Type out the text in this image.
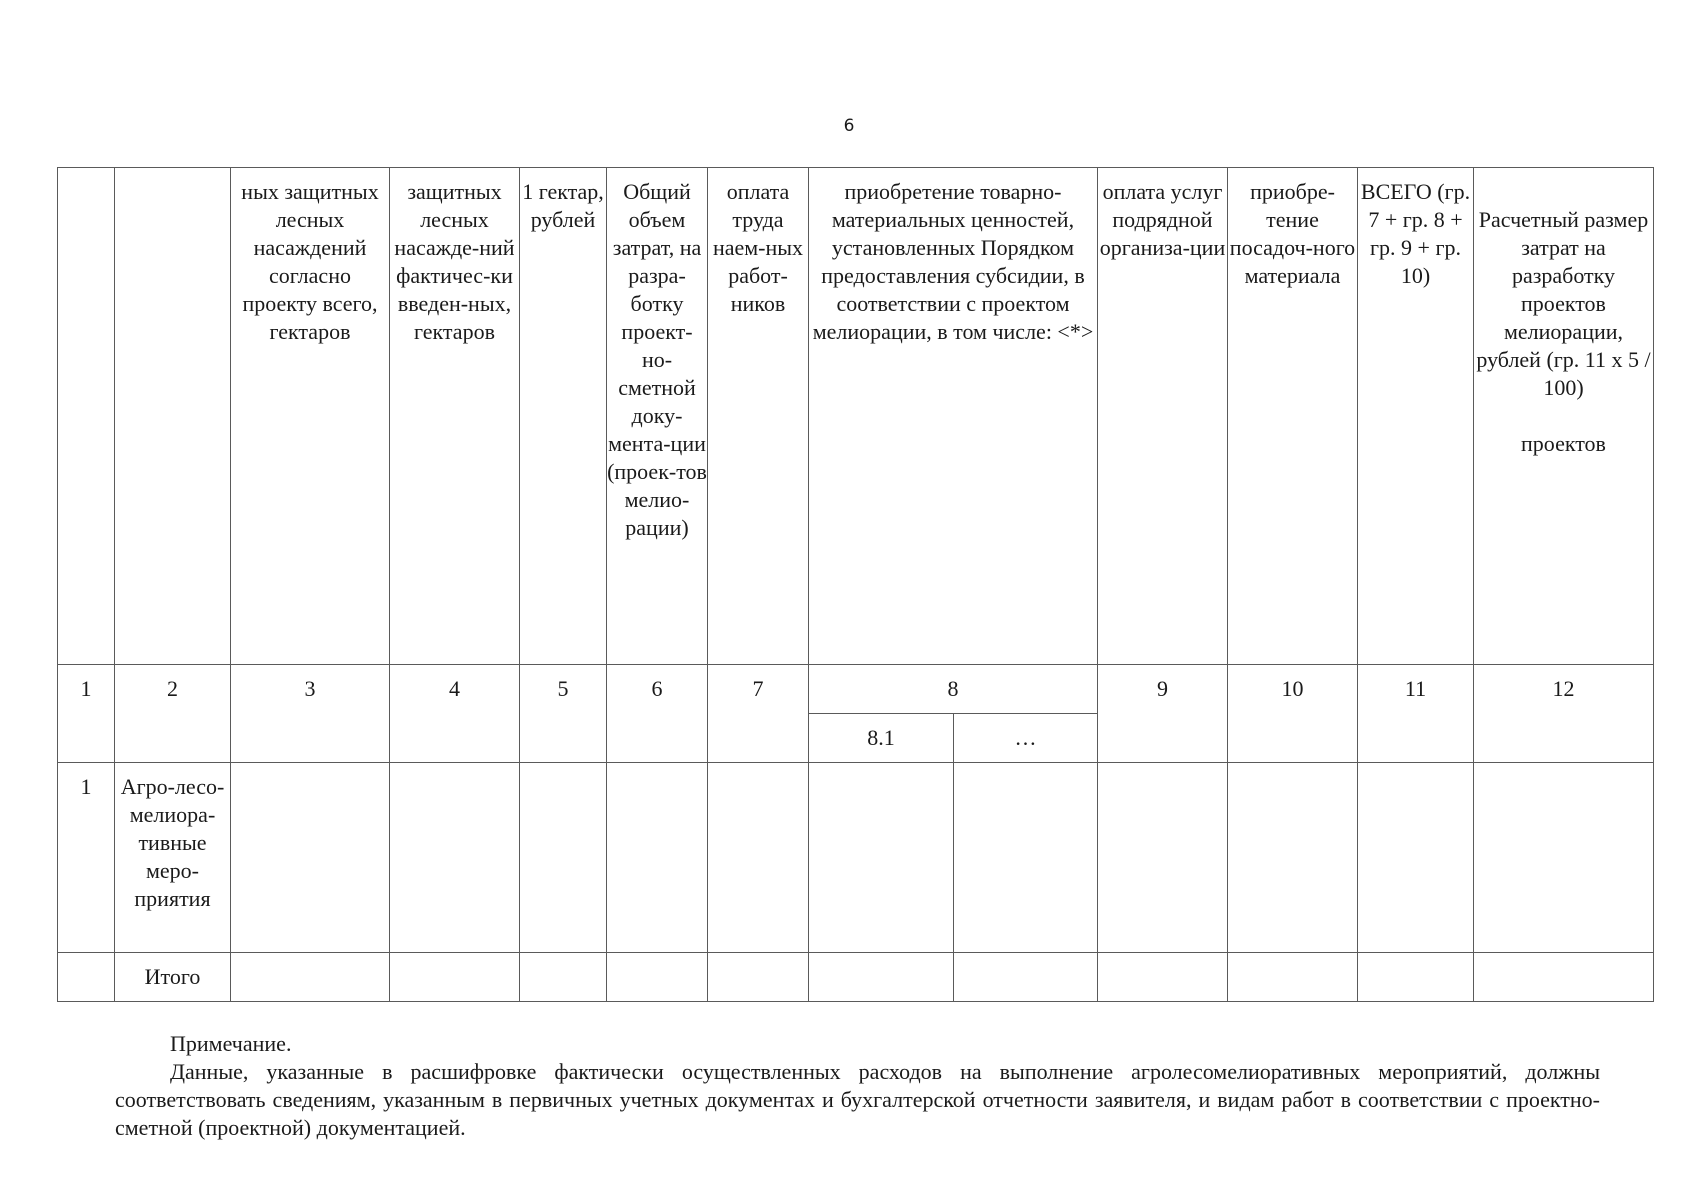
6
		ных защитных лесных насаждений согласно проекту всего, гектаров	защитных лесных насажде-ний фактичес-ки введен-ных, гектаров	1 гектар, рублей	Общий объем затрат, на разра-ботку проект-но-сметной доку-мента-ции (проек-тов мелио-рации)	оплата труда наем-ных работ-ников	приобретение товарно-материальных ценностей, установленных Порядком предоставления субсидии, в соответствии с проектом мелиорации, в том числе: <*>		оплата услуг подрядной организа-ции	приобре-тение посадоч-ного материала	ВСЕГО (гр. 7 + гр. 8 + гр. 9 + гр. 10)	Расчетный размер затрат на разработку проектов мелиорации, рублей (гр. 11 x 5 / 100)
проектов

1	2	3	4	5	6	7	8		9	10	11	12
							8.1	…				
1	Агро-лесо-мелиора-тивные меро-приятия											
	Итого											
Примечание.
Данные, указанные в расшифровке фактически осуществленных расходов на выполнение агролесомелиоративных мероприятий, должны соответствовать сведениям, указанным в первичных учетных документах и бухгалтерской отчетности заявителя, и видам работ в соответствии с проектно-сметной (проектной) документацией.
